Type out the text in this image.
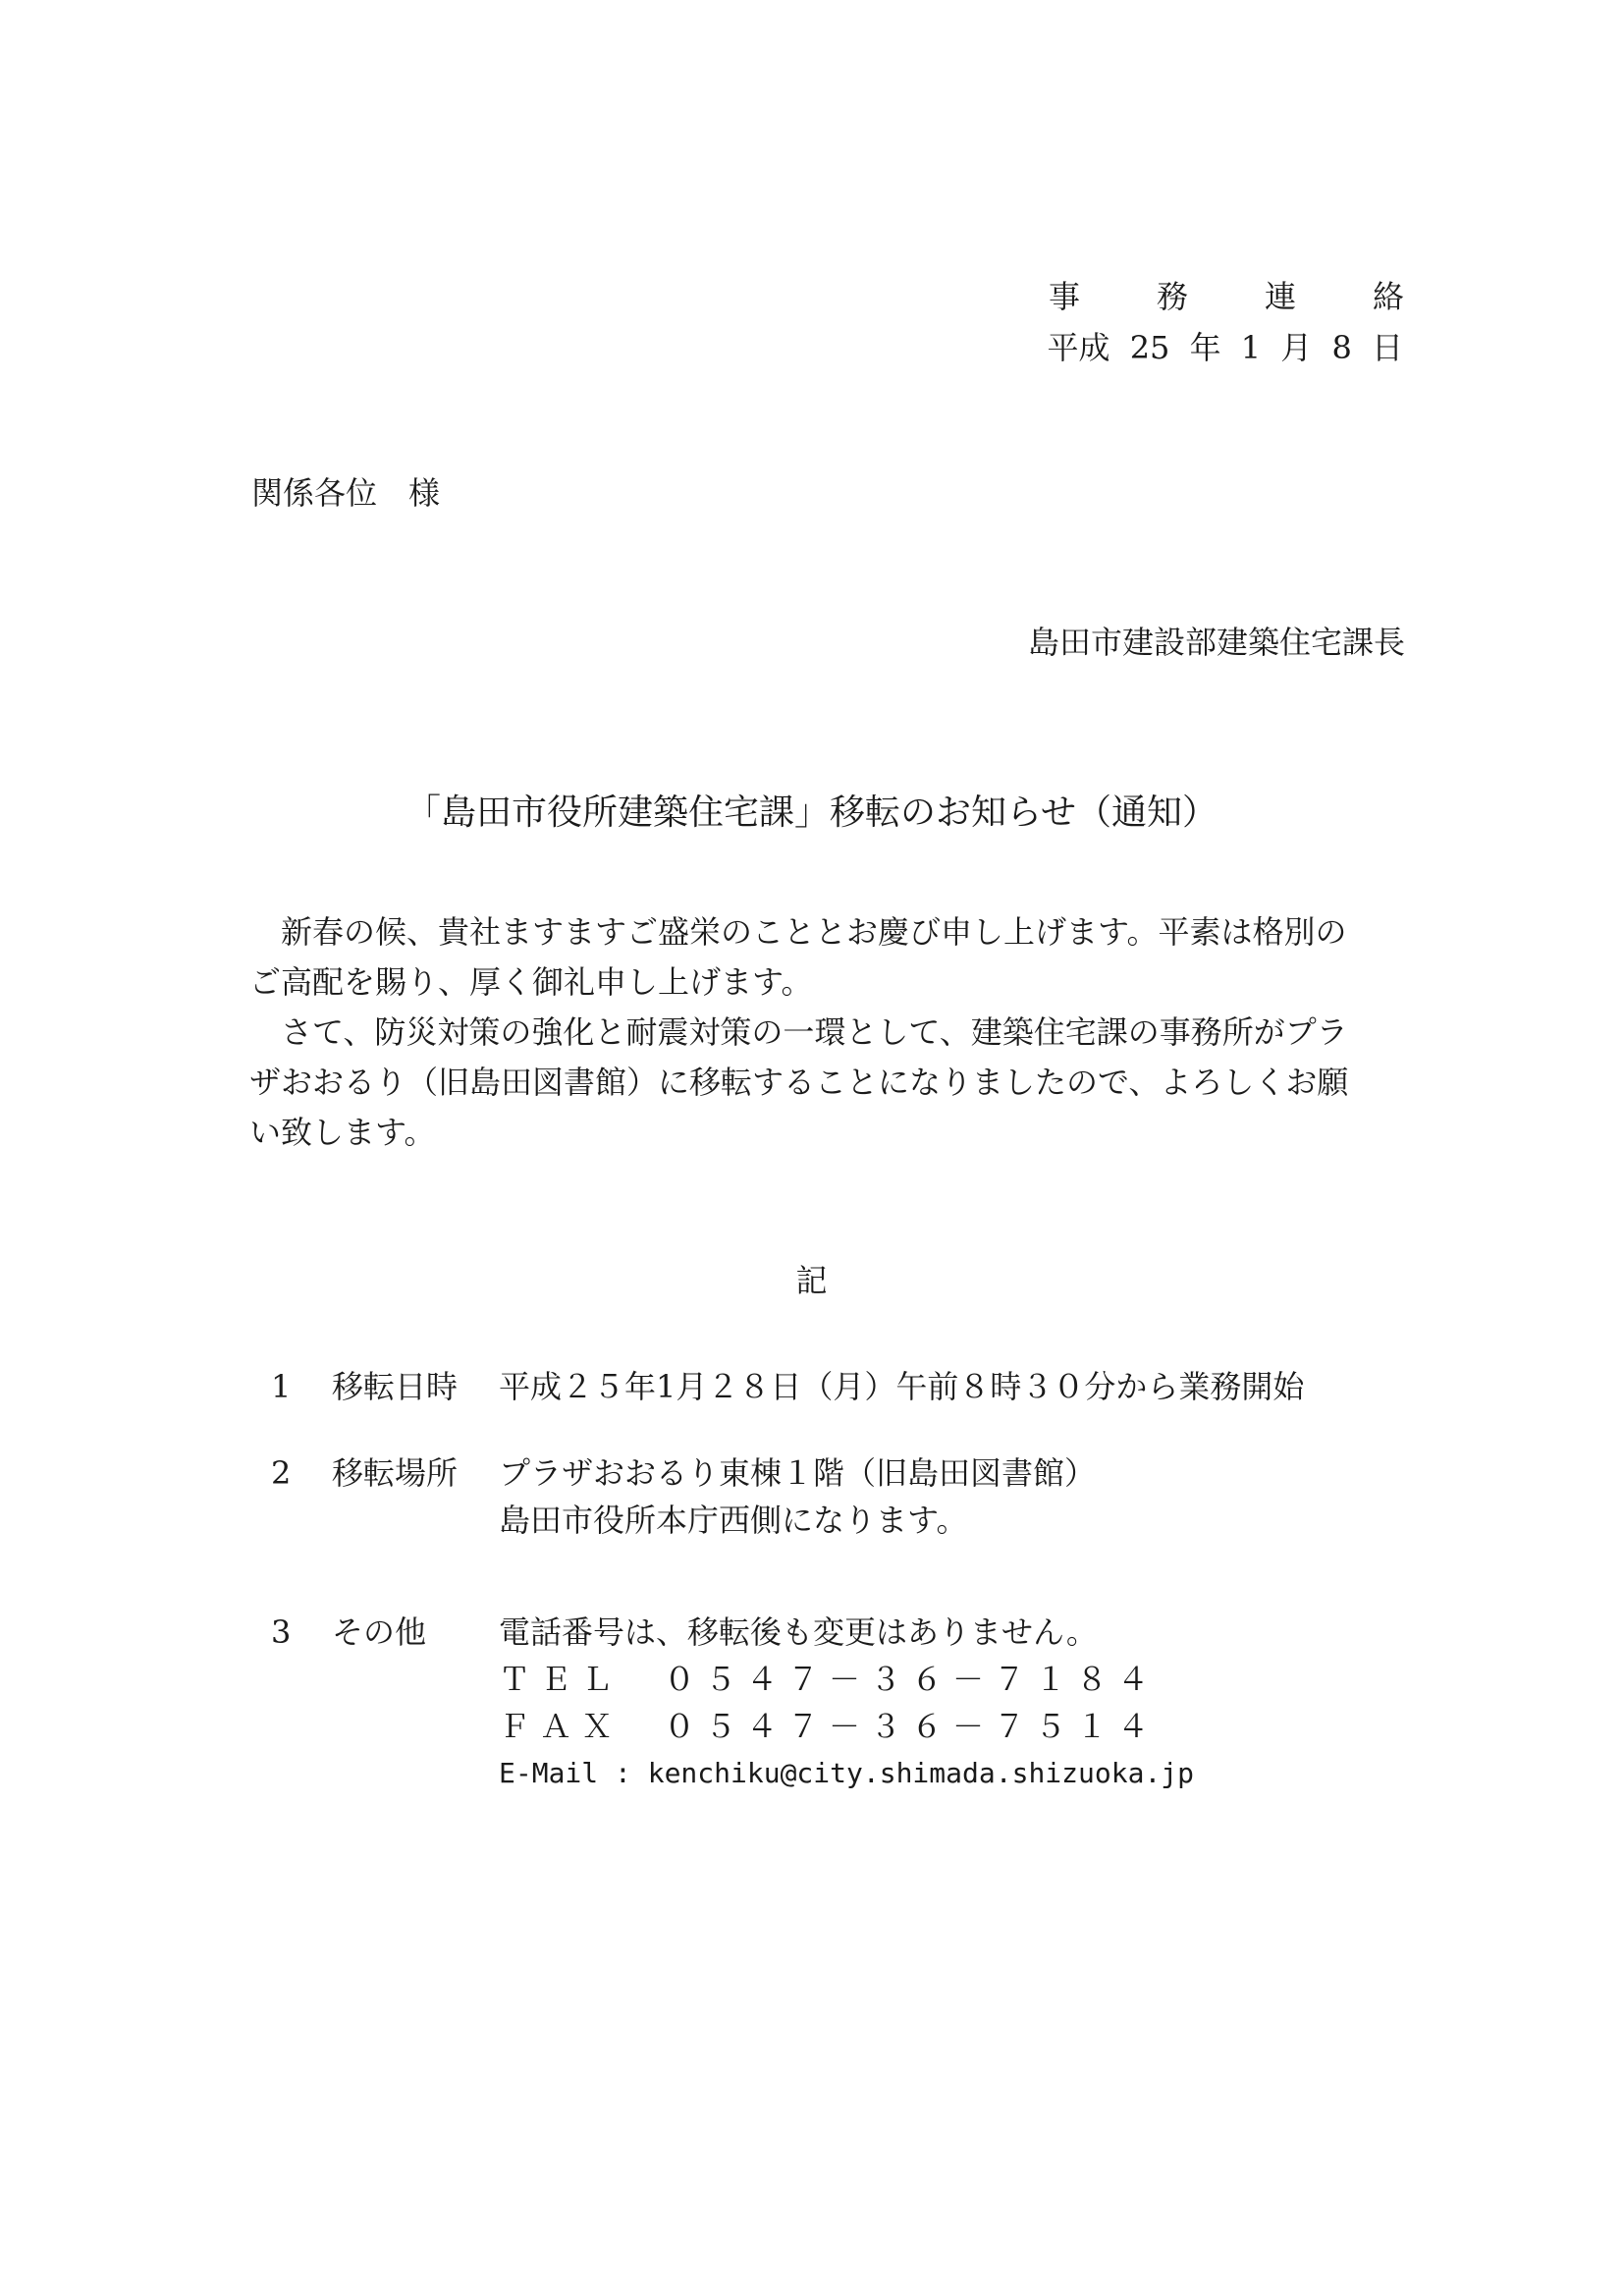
事 務 連 絡
平成 25 年 1 月 8 日
関係各位　様
島田市建設部建築住宅課長
「島田市役所建築住宅課」移転のお知らせ（通知）
　新春の候、貴社ますますご盛栄のこととお慶び申し上げます。平素は格別の
ご高配を賜り、厚く御礼申し上げます。
　さて、防災対策の強化と耐震対策の一環として、建築住宅課の事務所がプラ
ザおおるり（旧島田図書館）に移転することになりましたので、よろしくお願
い致します。
記
1 移転日時 平成２５年1月２８日（月）午前８時３０分から業務開始
2 移転場所 プラザおおるり東棟１階（旧島田図書館）
島田市役所本庁西側になります。
3 その他 電話番号は、移転後も変更はありません。
ＴＥＬ　０５４７－３６－７１８４
ＦＡＸ　０５４７－３６－７５１４
E-Mail : kenchiku@city.shimada.shizuoka.jp
